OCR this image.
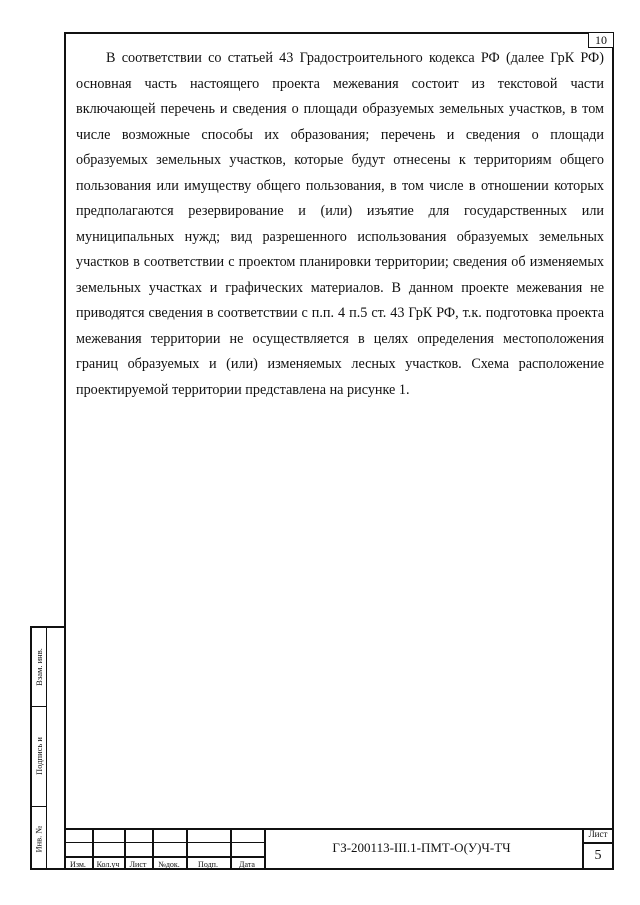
10

В соответствии со статьей 43 Градостроительного кодекса РФ (далее ГрК РФ) основная часть настоящего проекта межевания состоит из текстовой части включающей перечень и сведения о площади образуемых земельных участков, в том числе возможные способы их образования; перечень и сведения о площади образуемых земельных участков, которые будут отнесены к территориям общего пользования или имуществу общего пользования, в том числе в отношении которых предполагаются резервирование и (или) изъятие для государственных или муниципальных нужд; вид разрешенного использования образуемых земельных участков в соответствии с проектом планировки территории; сведения об изменяемых земельных участках и графических материалов. В данном проекте межевания не приводятся сведения в соответствии с п.п. 4 п.5 ст. 43 ГрК РФ, т.к. подготовка проекта межевания территории не осуществляется в целях определения местоположения границ образуемых и (или) изменяемых лесных участков. Схема расположение проектируемой территории представлена на рисунке 1.

Взам. инв.
Подпись и
Инв. №
Изм.	Кол.уч	Лист	№док.	Подп.	Дата
ГЗ-200113-III.1-ПМТ-О(У)Ч-ТЧ
Лист
5
